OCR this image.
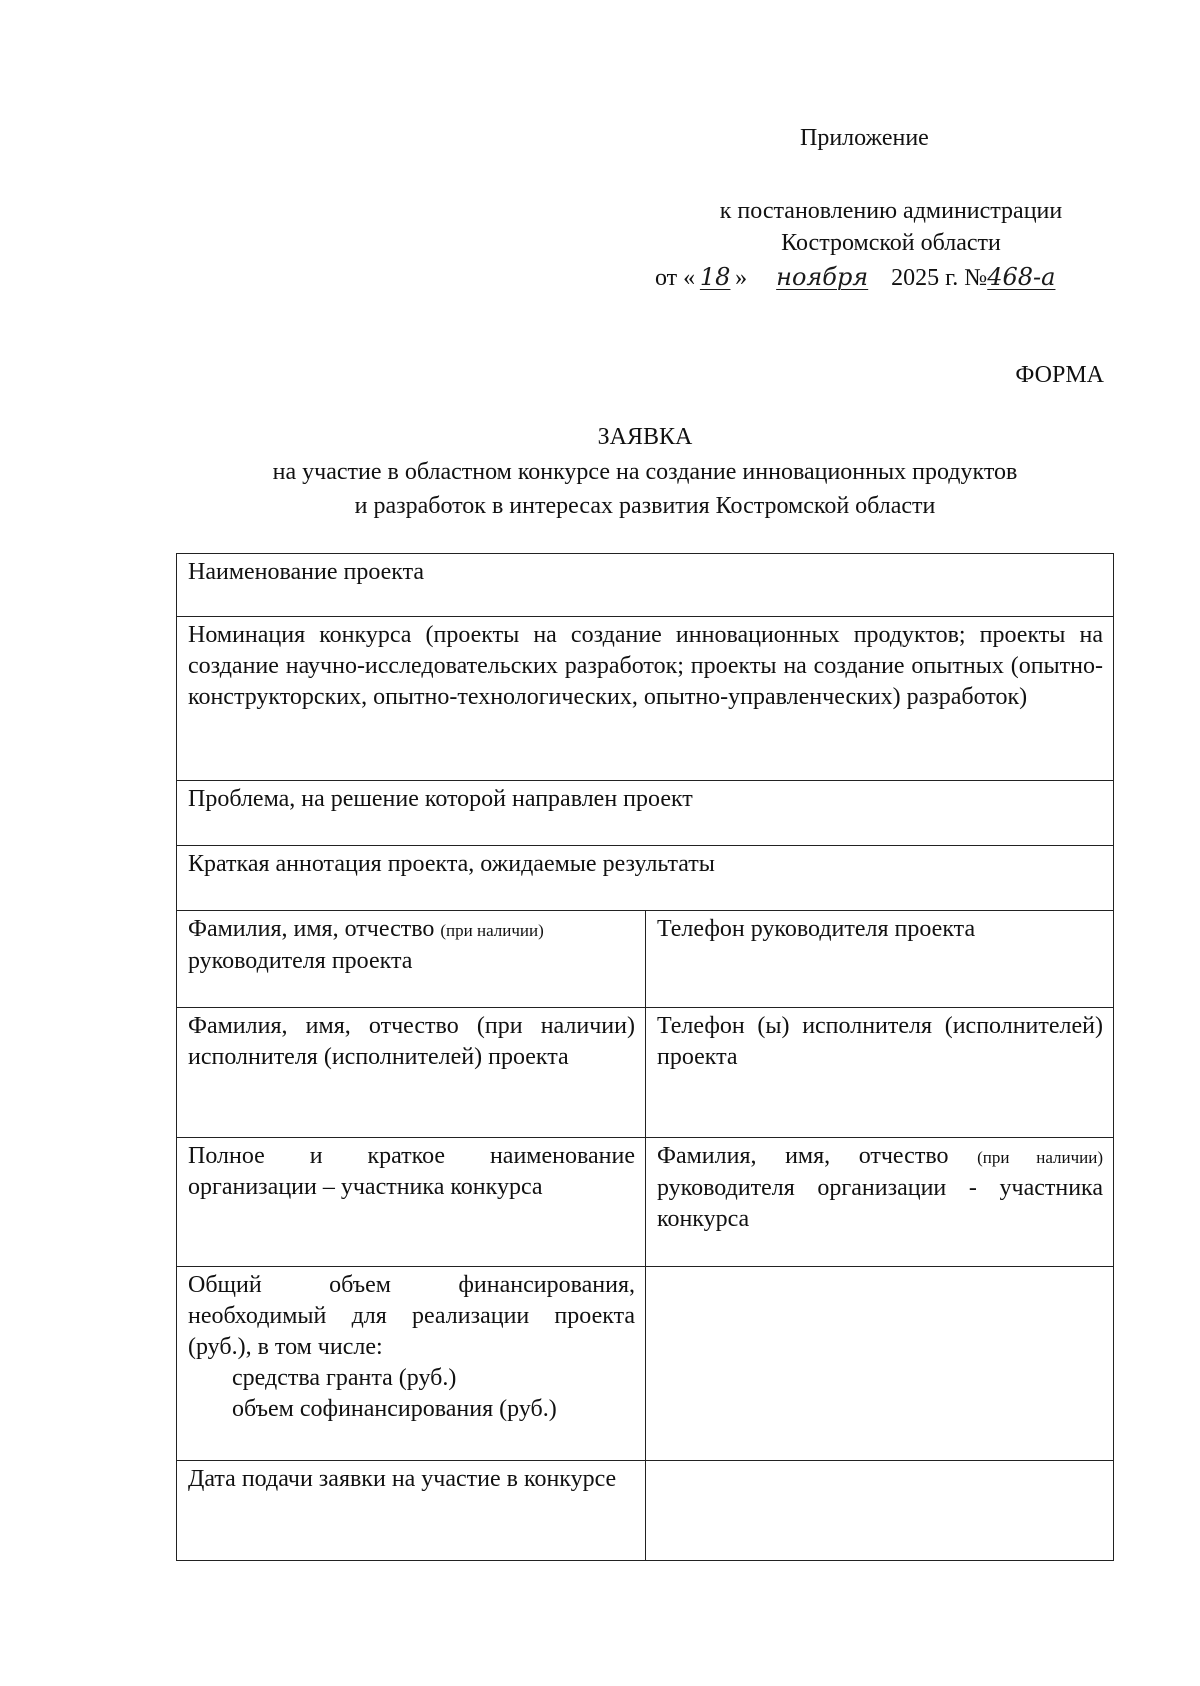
Приложение
к постановлению администрации
Костромской области
от « 18 » ноября 2025 г. №468-а
ФОРМА
ЗАЯВКА
на участие в областном конкурсе на создание инновационных продуктов
и разработок в интересах развития Костромской области
Наименование проекта	
Номинация конкурса (проекты на создание инновационных продуктов; проекты на создание научно-исследовательских разработок; проекты на создание опытных (опытно-конструкторских, опытно-технологических, опытно-управленческих) разработок)	
Проблема, на решение которой направлен проект	
Краткая аннотация проекта, ожидаемые результаты	
Фамилия, имя, отчество (при наличии) руководителя проекта	Телефон руководителя проекта
Фамилия, имя, отчество (при наличии) исполнителя (исполнителей) проекта	Телефон (ы) исполнителя (исполнителей) проекта
Полное и краткое наименование организации – участника конкурса	Фамилия, имя, отчество (при наличии) руководителя организации - участника конкурса
Общий объем финансирования, необходимый для реализации проекта (руб.), в том числе:
средства гранта (руб.)
объем софинансирования (руб.)	

Дата подачи заявки на участие в конкурсе	
